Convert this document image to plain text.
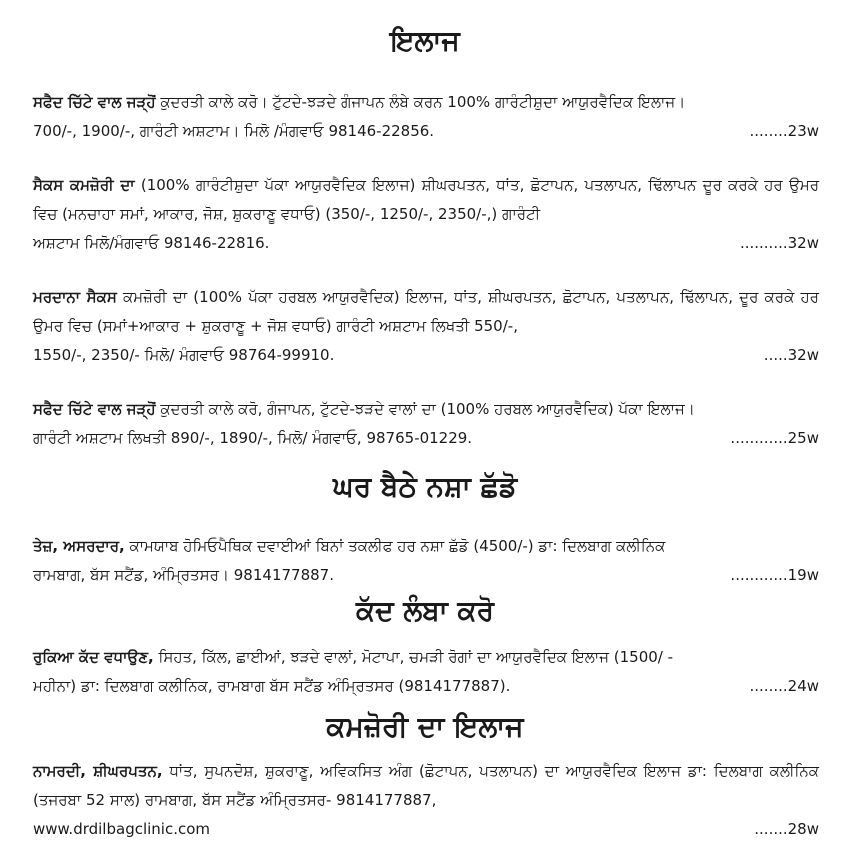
ਇਲਾਜ

ਸਫੈਦ ਚਿੱਟੇ ਵਾਲ ਜੜ੍ਹੋਂ ਕੁਦਰਤੀ ਕਾਲੇ ਕਰੋ। ਟੁੱਟਦੇ-ਝੜਦੇ ਗੰਜਾਪਨ ਲੰਬੇ ਕਰਨ 100% ਗਾਰੰਟੀਸ਼ੁਦਾ ਆਯੁਰਵੈਦਿਕ ਇਲਾਜ।

700/-, 1900/-, ਗਾਰੰਟੀ ਅਸ਼ਟਾਮ। ਮਿਲੋ /ਮੰਗਵਾਓ 98146-22856.	........23w

ਸੈਕਸ ਕਮਜ਼ੋਰੀ ਦਾ (100% ਗਾਰੰਟੀਸ਼ੁਦਾ ਪੱਕਾ ਆਯੁਰਵੈਦਿਕ ਇਲਾਜ) ਸ਼ੀਘਰਪਤਨ, ਧਾਂਤ, ਛੋਟਾਪਨ, ਪਤਲਾਪਨ, ਢਿੱਲਾਪਨ ਦੂਰ ਕਰਕੇ ਹਰ ਉਮਰ ਵਿਚ (ਮਨਚਾਹਾ ਸਮਾਂ, ਆਕਾਰ, ਜੋਸ਼, ਸ਼ੁਕਰਾਣੂ ਵਧਾਓ) (350/-, 1250/-, 2350/-,) ਗਾਰੰਟੀ

ਅਸ਼ਟਾਮ ਮਿਲੋ/ਮੰਗਵਾਓ 98146-22816.	..........32w

ਮਰਦਾਨਾ ਸੈਕਸ ਕਮਜ਼ੋਰੀ ਦਾ (100% ਪੱਕਾ ਹਰਬਲ ਆਯੁਰਵੈਦਿਕ) ਇਲਾਜ, ਧਾਂਤ, ਸ਼ੀਘਰਪਤਨ, ਛੋਟਾਪਨ, ਪਤਲਾਪਨ, ਢਿੱਲਾਪਨ, ਦੂਰ ਕਰਕੇ ਹਰ ਉਮਰ ਵਿਚ (ਸਮਾਂ+ਆਕਾਰ + ਸ਼ੁਕਰਾਣੂ + ਜੋਸ਼ ਵਧਾਓ) ਗਾਰੰਟੀ ਅਸ਼ਟਾਮ ਲਿਖਤੀ 550/-,

1550/-, 2350/- ਮਿਲੋ/ ਮੰਗਵਾਓ 98764-99910.	.....32w

ਸਫੈਦ ਚਿੱਟੇ ਵਾਲ ਜੜ੍ਹੋਂ ਕੁਦਰਤੀ ਕਾਲੇ ਕਰੋ, ਗੰਜਾਪਨ, ਟੁੱਟਦੇ-ਝੜਦੇ ਵਾਲਾਂ ਦਾ (100% ਹਰਬਲ ਆਯੁਰਵੈਦਿਕ) ਪੱਕਾ ਇਲਾਜ।

ਗਾਰੰਟੀ ਅਸ਼ਟਾਮ ਲਿਖਤੀ 890/-, 1890/-, ਮਿਲੋ/ ਮੰਗਵਾਓ, 98765-01229.	............25w
ਘਰ ਬੈਠੇ ਨਸ਼ਾ ਛੱਡੋ

ਤੇਜ਼, ਅਸਰਦਾਰ, ਕਾਮਯਾਬ ਹੋਮਿਓਪੈਥਿਕ ਦਵਾਈਆਂ ਬਿਨਾਂ ਤਕਲੀਫ ਹਰ ਨਸ਼ਾ ਛੱਡੋ (4500/-) ਡਾ: ਦਿਲਬਾਗ ਕਲੀਨਿਕ

ਰਾਮਬਾਗ, ਬੱਸ ਸਟੈਂਡ, ਅੰਮ੍ਰਿਤਸਰ। 9814177887.	............19w
ਕੱਦ ਲੰਬਾ ਕਰੋ

ਰੁਕਿਆ ਕੱਦ ਵਧਾਉਣ, ਸਿਹਤ, ਕਿੱਲ, ਛਾਈਆਂ, ਝੜਦੇ ਵਾਲਾਂ, ਮੋਟਾਪਾ, ਚਮੜੀ ਰੋਗਾਂ ਦਾ ਆਯੁਰਵੈਦਿਕ ਇਲਾਜ (1500/ -

ਮਹੀਨਾ) ਡਾ: ਦਿਲਬਾਗ ਕਲੀਨਿਕ, ਰਾਮਬਾਗ ਬੱਸ ਸਟੈਂਡ ਅੰਮ੍ਰਿਤਸਰ (9814177887).	........24w
ਕਮਜ਼ੋਰੀ ਦਾ ਇਲਾਜ

ਨਾਮਰਦੀ, ਸ਼ੀਘਰਪਤਨ, ਧਾਂਤ, ਸੁਪਨਦੋਸ਼, ਸ਼ੁਕਰਾਣੂ, ਅਵਿਕਸਿਤ ਅੰਗ (ਛੋਟਾਪਨ, ਪਤਲਾਪਨ) ਦਾ ਆਯੁਰਵੈਦਿਕ ਇਲਾਜ ਡਾ: ਦਿਲਬਾਗ ਕਲੀਨਿਕ (ਤਜਰਬਾ 52 ਸਾਲ) ਰਾਮਬਾਗ, ਬੱਸ ਸਟੈਂਡ ਅੰਮ੍ਰਿਤਸਰ- 9814177887,

www.drdilbagclinic.com	.......28w
